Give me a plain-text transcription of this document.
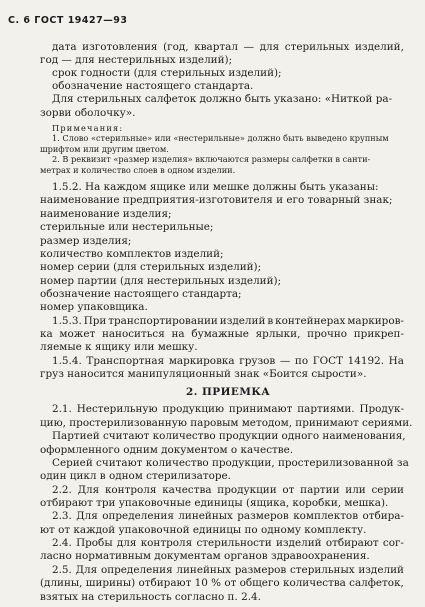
С. 6 ГОСТ 19427—93
дата изготовления (год, квартал — для стерильных изделий,
год — для нестерильных изделий);
срок годности (для стерильных изделий);
обозначение настоящего стандарта.
Для стерильных салфеток должно быть указано: «Ниткой ра-
зорви оболочку».
Примечания:
1. Слово «стерильные» или «нестерильные» должно быть выведено крупным
шрифтом или другим цветом.
2. В реквизит «размер изделия» включаются размеры салфетки в санти-
метрах и количество слоев в одном изделии.
1.5.2. На каждом ящике или мешке должны быть указаны:
наименование предприятия-изготовителя и его товарный знак;
наименование изделия;
стерильные или нестерильные;
размер изделия;
количество комплектов изделий;
номер серии (для стерильных изделий);
номер партии (для нестерильных изделий);
обозначение настоящего стандарта;
номер упаковщика.
1.5.3. При транспортировании изделий в контейнерах маркиров-
ка может наноситься на бумажные ярлыки, прочно прикреп-
ляемые к ящику или мешку.
1.5.4. Транспортная маркировка грузов — по ГОСТ 14192. На
груз наносится манипуляционный знак «Боится сырости».
2. ПРИЕМКА
2.1. Нестерильную продукцию принимают партиями. Продук-
цию, простерилизованную паровым методом, принимают сериями.
Партией считают количество продукции одного наименования,
оформленного одним документом о качестве.
Серией считают количество продукции, простерилизованной за
один цикл в одном стерилизаторе.
2.2. Для контроля качества продукции от партии или серии
отбирают три упаковочные единицы (ящика, коробки, мешка).
2.3. Для определения линейных размеров комплектов отбира-
ют от каждой упаковочной единицы по одному комплекту.
2.4. Пробы для контроля стерильности изделий отбирают сог-
ласно нормативным документам органов здравоохранения.
2.5. Для определения линейных размеров стерильных изделий
(длины, ширины) отбирают 10 % от общего количества салфеток,
взятых на стерильность согласно п. 2.4.
